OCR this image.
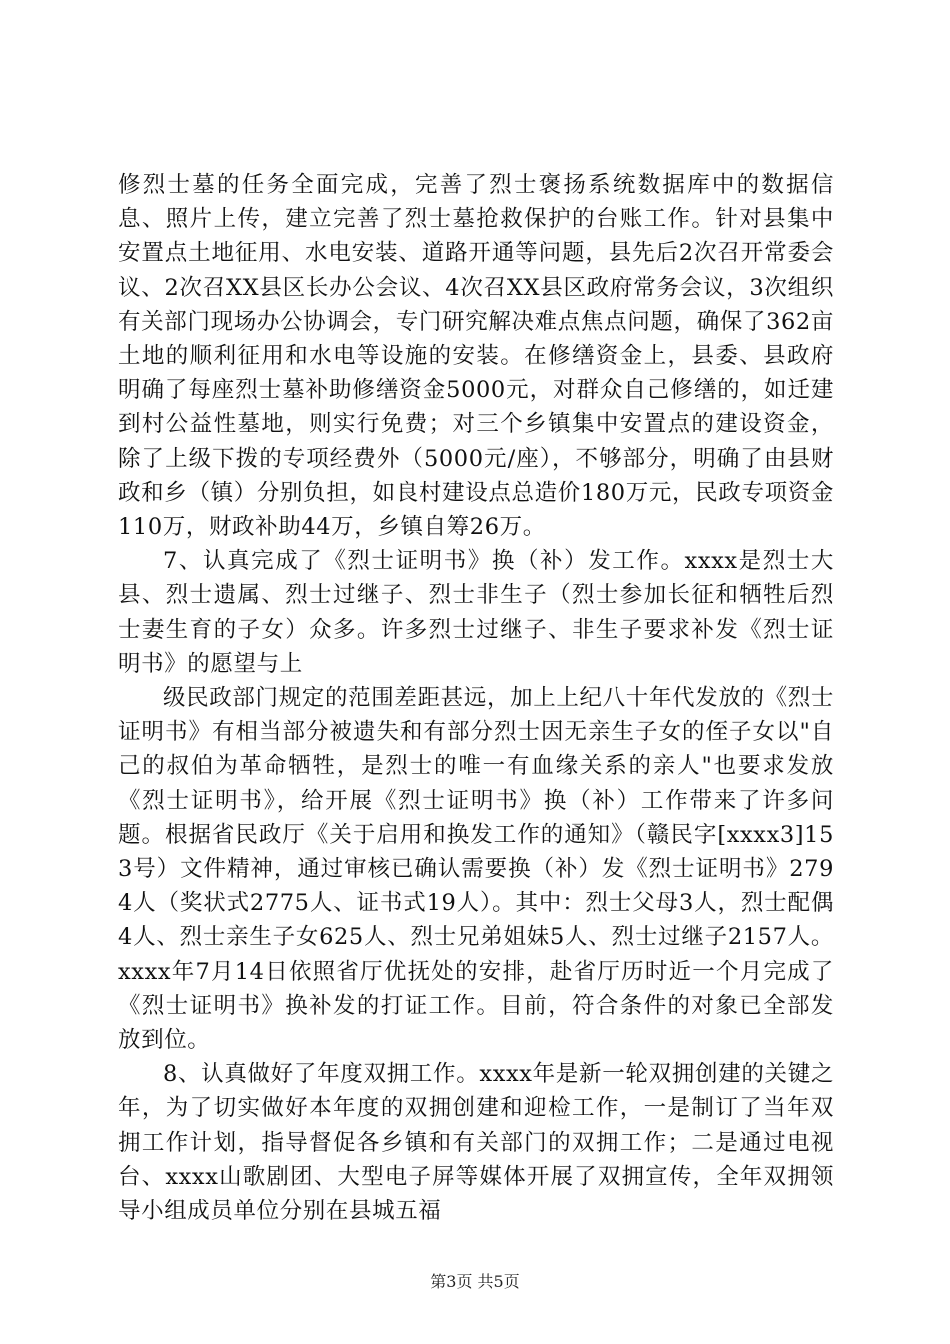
修烈士墓的任务全面完成，完善了烈士褒扬系统数据库中的数据信息、照片上传，建立完善了烈士墓抢救保护的台账工作。针对县集中安置点土地征用、水电安装、道路开通等问题，县先后2次召开常委会议、2次召XX县区长办公会议、4次召XX县区政府常务会议，3次组织有关部门现场办公协调会，专门研究解决难点焦点问题，确保了362亩土地的顺利征用和水电等设施的安装。在修缮资金上，县委、县政府明确了每座烈士墓补助修缮资金5000元，对群众自己修缮的，如迁建到村公益性墓地，则实行免费；对三个乡镇集中安置点的建设资金，除了上级下拨的专项经费外（5000元/座），不够部分，明确了由县财政和乡（镇）分别负担，如良村建设点总造价180万元，民政专项资金110万，财政补助44万，乡镇自筹26万。

7、认真完成了《烈士证明书》换（补）发工作。xxxx是烈士大县、烈士遗属、烈士过继子、烈士非生子（烈士参加长征和牺牲后烈士妻生育的子女）众多。许多烈士过继子、非生子要求补发《烈士证明书》的愿望与上

级民政部门规定的范围差距甚远，加上上纪八十年代发放的《烈士证明书》有相当部分被遗失和有部分烈士因无亲生子女的侄子女以"自己的叔伯为革命牺牲，是烈士的唯一有血缘关系的亲人"也要求发放《烈士证明书》，给开展《烈士证明书》换（补）工作带来了许多问题。根据省民政厅《关于启用和换发工作的通知》（赣民字[xxxx3]153号）文件精神，通过审核已确认需要换（补）发《烈士证明书》2794人（奖状式2775人、证书式19人）。其中：烈士父母3人，烈士配偶4人、烈士亲生子女625人、烈士兄弟姐妹5人、烈士过继子2157人。xxxx年7月14日依照省厅优抚处的安排，赴省厅历时近一个月完成了《烈士证明书》换补发的打证工作。目前，符合条件的对象已全部发放到位。

8、认真做好了年度双拥工作。xxxx年是新一轮双拥创建的关键之年，为了切实做好本年度的双拥创建和迎检工作，一是制订了当年双拥工作计划，指导督促各乡镇和有关部门的双拥工作；二是通过电视台、xxxx山歌剧团、大型电子屏等媒体开展了双拥宣传，全年双拥领导小组成员单位分别在县城五福

第3页 共5页
